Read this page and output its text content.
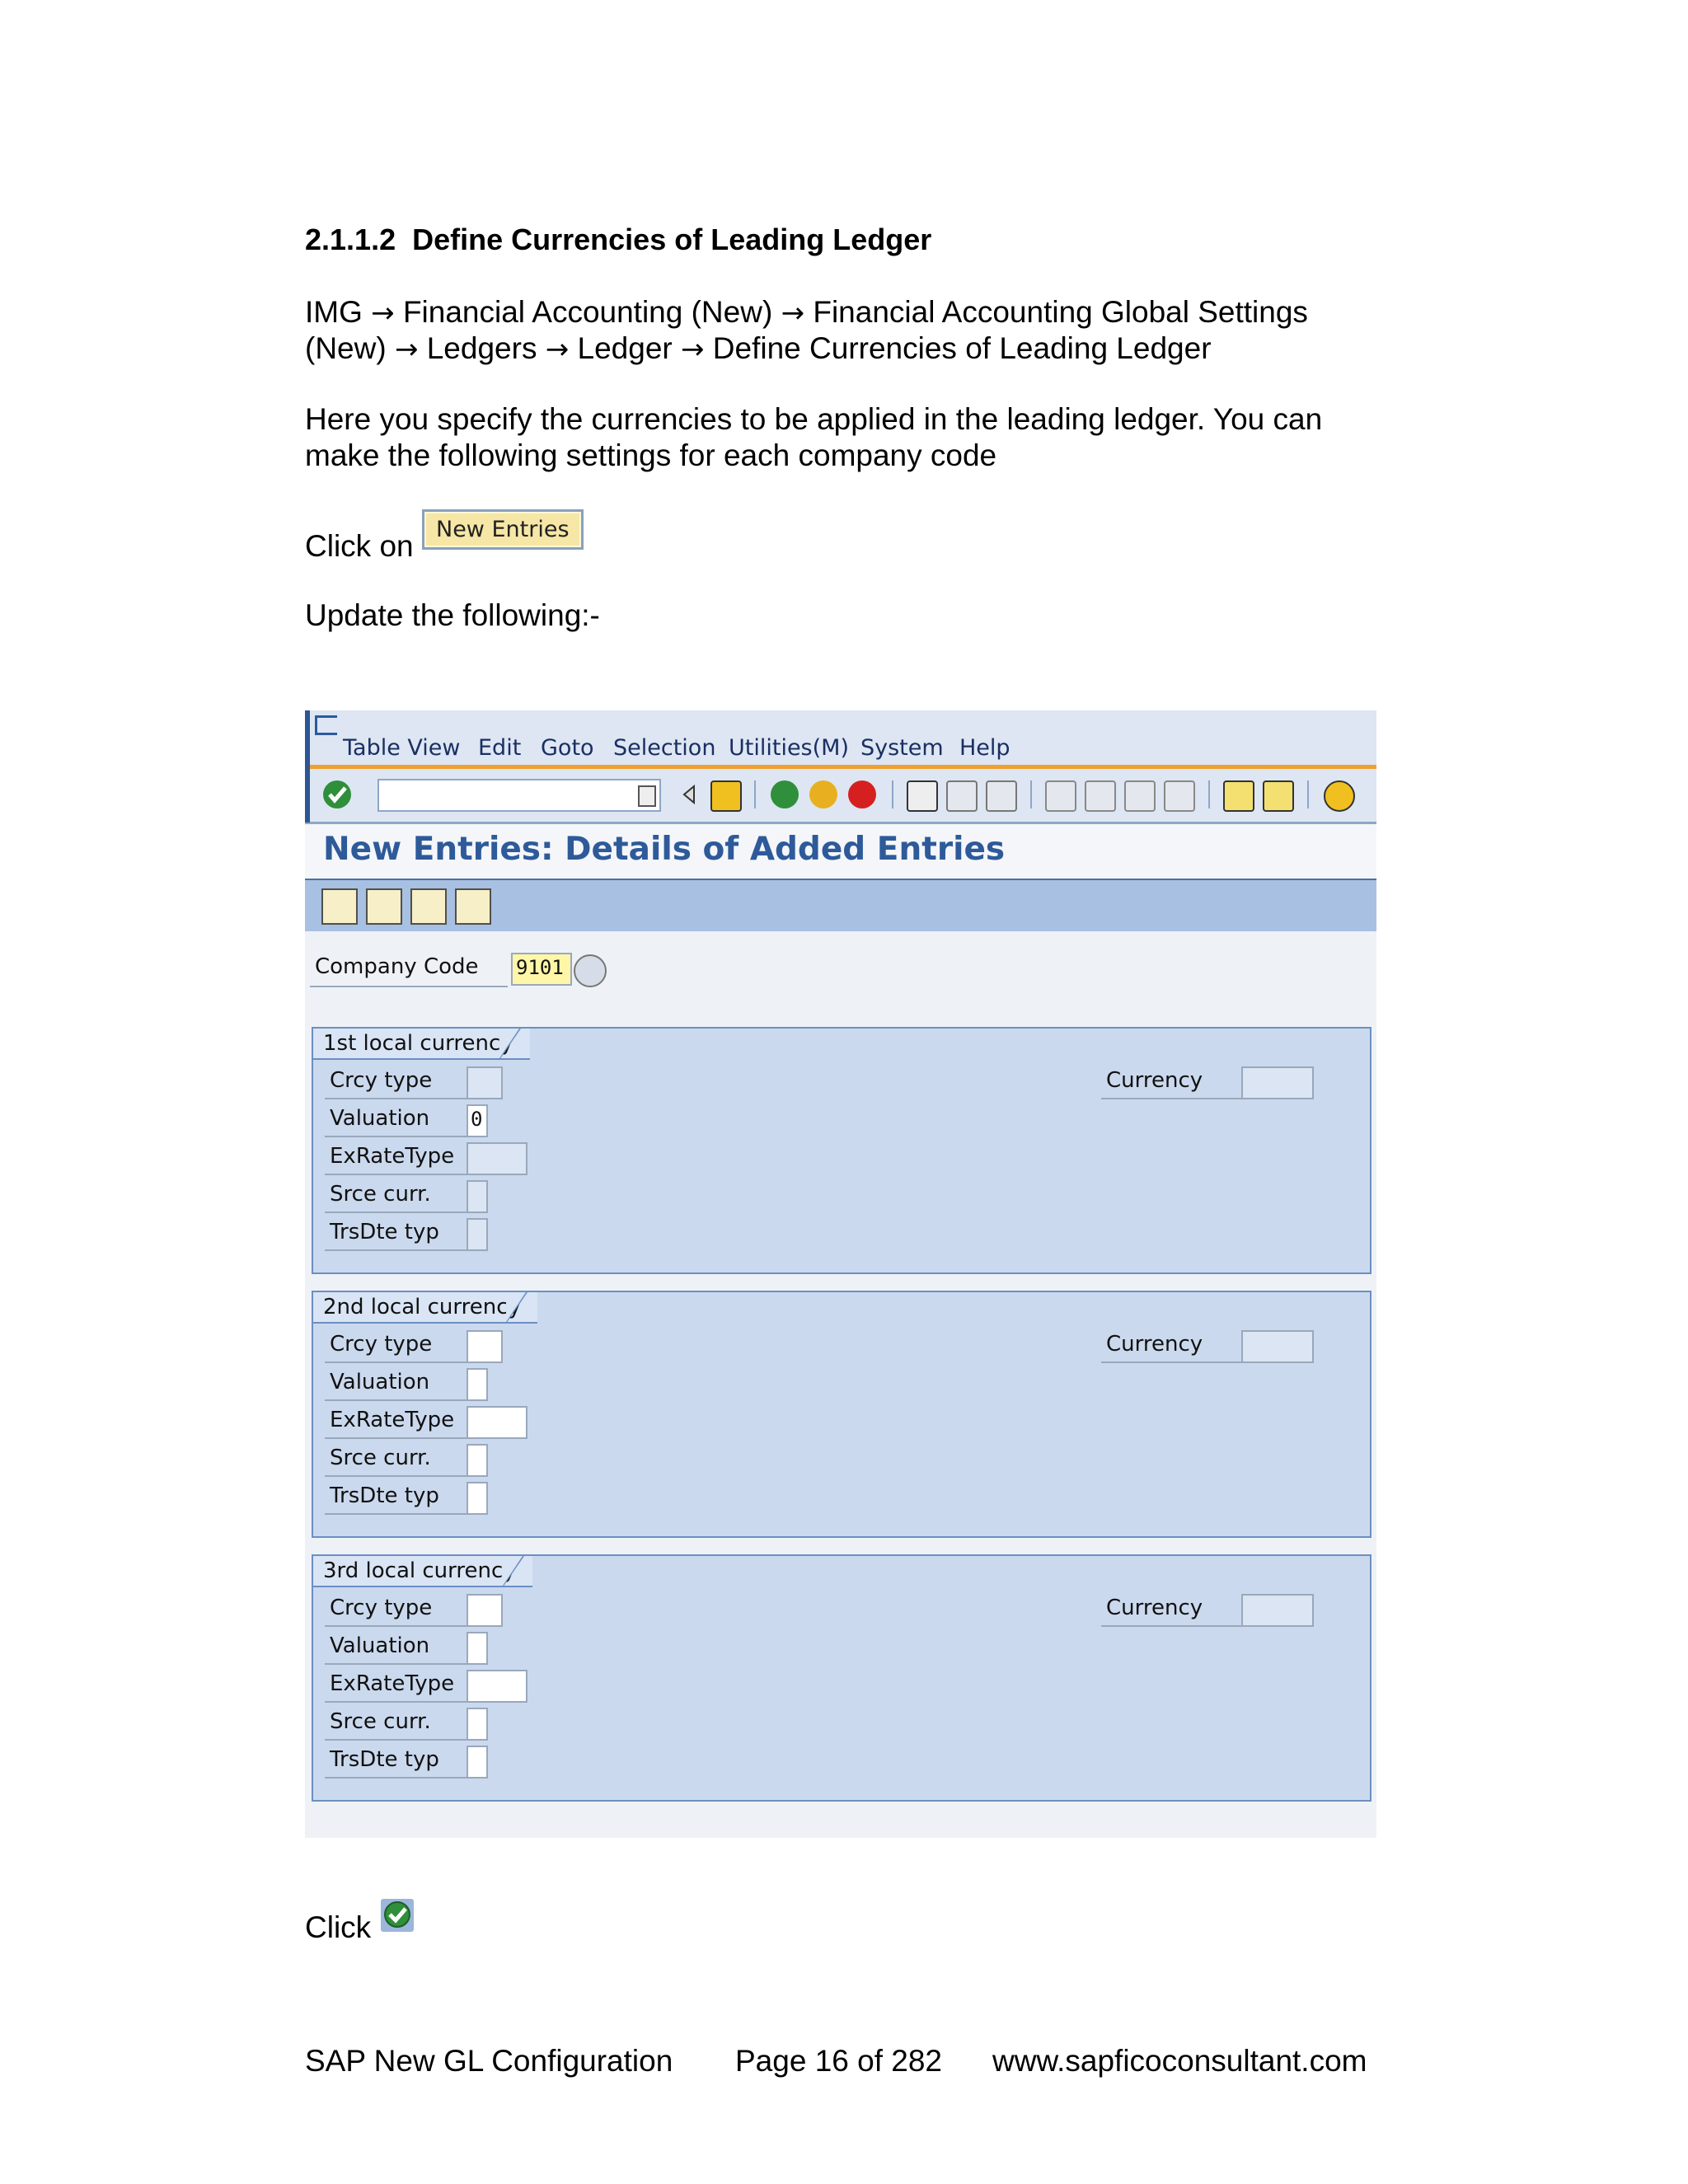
2.1.1.2 Define Currencies of Leading Ledger
IMG → Financial Accounting (New) → Financial Accounting Global Settings
(New) → Ledgers → Ledger → Define Currencies of Leading Ledger
Here you specify the currencies to be applied in the leading ledger. You can
make the following settings for each company code
Click on	New Entries
Update the following:-
Table View Edit Goto Selection Utilities(M) System Help
New Entries: Details of Added Entries
Company Code 9101
1st local currency
Crcy type
Valuation 0
ExRateType
Srce curr.
TrsDte typ
Currency
2nd local currency
Crcy type
Valuation
ExRateType
Srce curr.
TrsDte typ
Currency
3rd local currency
Crcy type
Valuation
ExRateType
Srce curr.
TrsDte typ
Currency
Click
SAP New GL Configuration Page 16 of 282 www.sapficoconsultant.com
